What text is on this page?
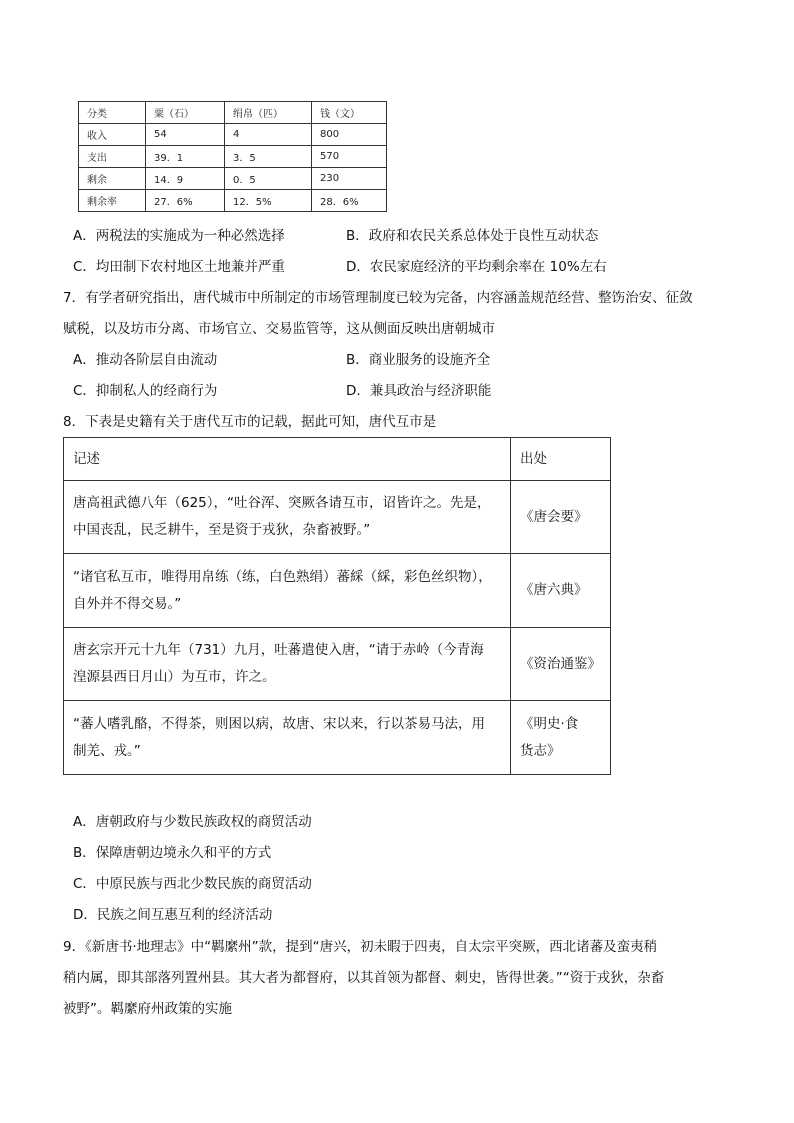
分类	粟（石）	绢帛（匹）	钱（文）
收入	54	4	800
支出	39．1	3．5	570
剩余	14．9	0．5	230
剩余率	27．6%	12．5%	28．6%
A．两税法的实施成为一种必然选择	B．政府和农民关系总体处于良性互动状态
C．均田制下农村地区土地兼并严重	D．农民家庭经济的平均剩余率在 10%左右
7．有学者研究指出，唐代城市中所制定的市场管理制度已较为完备，内容涵盖规范经营、整饬治安、征敛
赋税，以及坊市分离、市场官立、交易监管等，这从侧面反映出唐朝城市
A．推动各阶层自由流动	B．商业服务的设施齐全
C．抑制私人的经商行为	D．兼具政治与经济职能
8．下表是史籍有关于唐代互市的记载，据此可知，唐代互市是
记述	出处

唐高祖武德八年（625），“吐谷浑、突厥各请互市，诏皆许之。先是，
中国丧乱，民乏耕牛，至是资于戎狄，杂畜被野。”	《唐会要》

“诸官私互市，唯得用帛练（练，白色熟绢）蕃綵（綵，彩色丝织物），
自外并不得交易。”	《唐六典》

唐玄宗开元十九年（731）九月，吐蕃遣使入唐，“请于赤岭（今青海
湟源县西日月山）为互市，许之。	《资治通鉴》

“蕃人嗜乳酪，不得茶，则困以病，故唐、宋以来，行以茶易马法，用
制羌、戎。”	《明史·食
货志》
A．唐朝政府与少数民族政权的商贸活动
B．保障唐朝边境永久和平的方式
C．中原民族与西北少数民族的商贸活动
D．民族之间互惠互利的经济活动
9．《新唐书·地理志》中“羁縻州”款，提到“唐兴，初未暇于四夷，自太宗平突厥，西北诸蕃及蛮夷稍
稍内属，即其部落列置州县。其大者为都督府，以其首领为都督、刺史，皆得世袭。”“资于戎狄，杂畜
被野”。羁縻府州政策的实施
